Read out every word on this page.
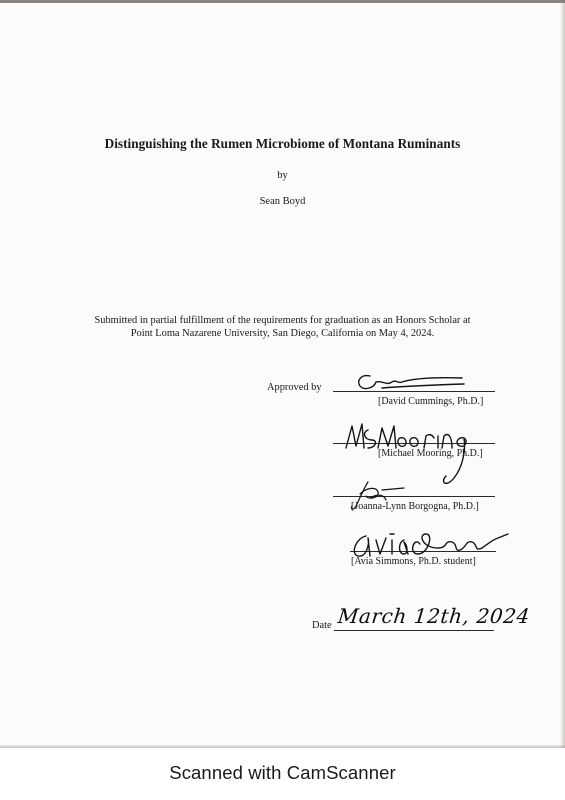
Distinguishing the Rumen Microbiome of Montana Ruminants
by
Sean Boyd
Submitted in partial fulfillment of the requirements for graduation as an Honors Scholar at
Point Loma Nazarene University, San Diego, California on May 4, 2024.
Approved by
[David Cummings, Ph.D.]
[Michael Mooring, Ph.D.]
[Joanna-Lynn Borgogna, Ph.D.]
[Avia Simmons, Ph.D. student]
Date March 12th, 2024
Scanned with CamScanner
